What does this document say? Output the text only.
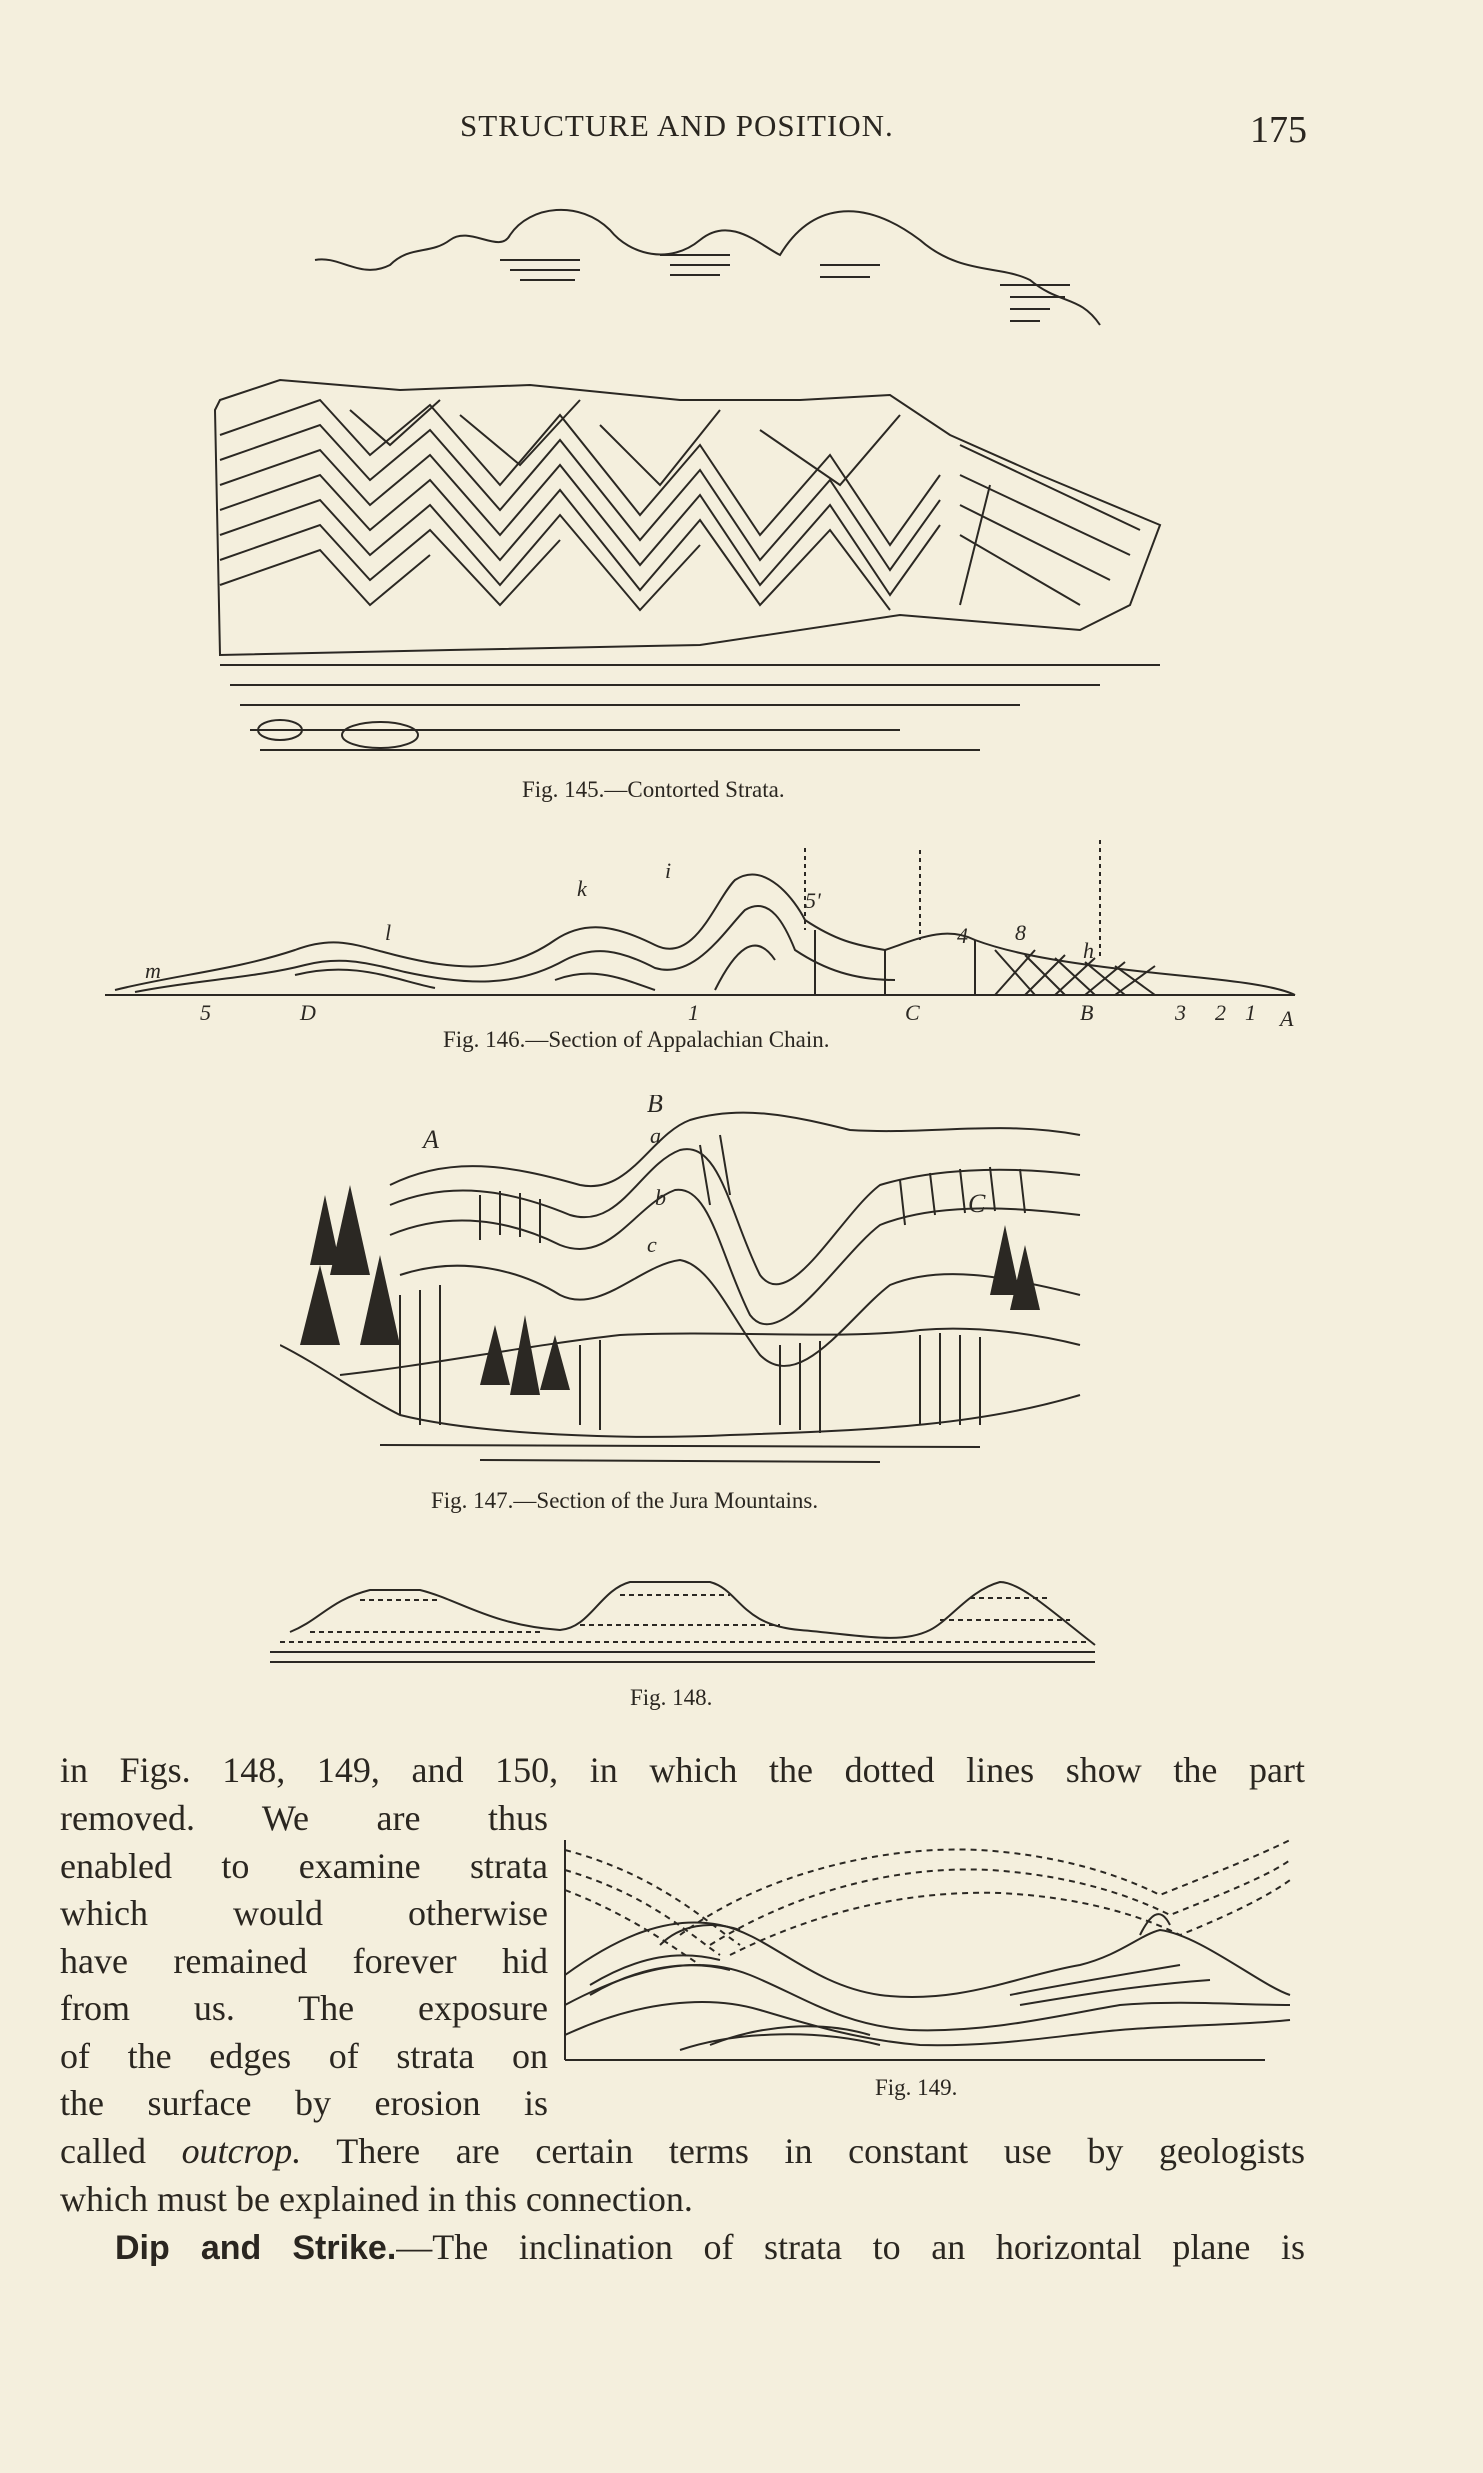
STRUCTURE AND POSITION.	175
Fig. 145.—Contorted Strata.
m
l
k
i
5'
4 8
h
5	D	1	C	B	3 2 1 A
Fig. 146.—Section of Appalachian Chain.
A
B
a
b
c
C
Fig. 147.—Section of the Jura Mountains.
Fig. 148.
in Figs. 148, 149, and 150, in which the dotted lines show the part
removed. We are thus
enabled to examine strata
which would otherwise
have remained forever hid
from us. The exposure
of the edges of strata on
the surface by erosion is	Fig. 149.
called outcrop. There are certain terms in constant use by geologists
which must be explained in this connection.
Dip and Strike.—The inclination of strata to an horizontal plane is
